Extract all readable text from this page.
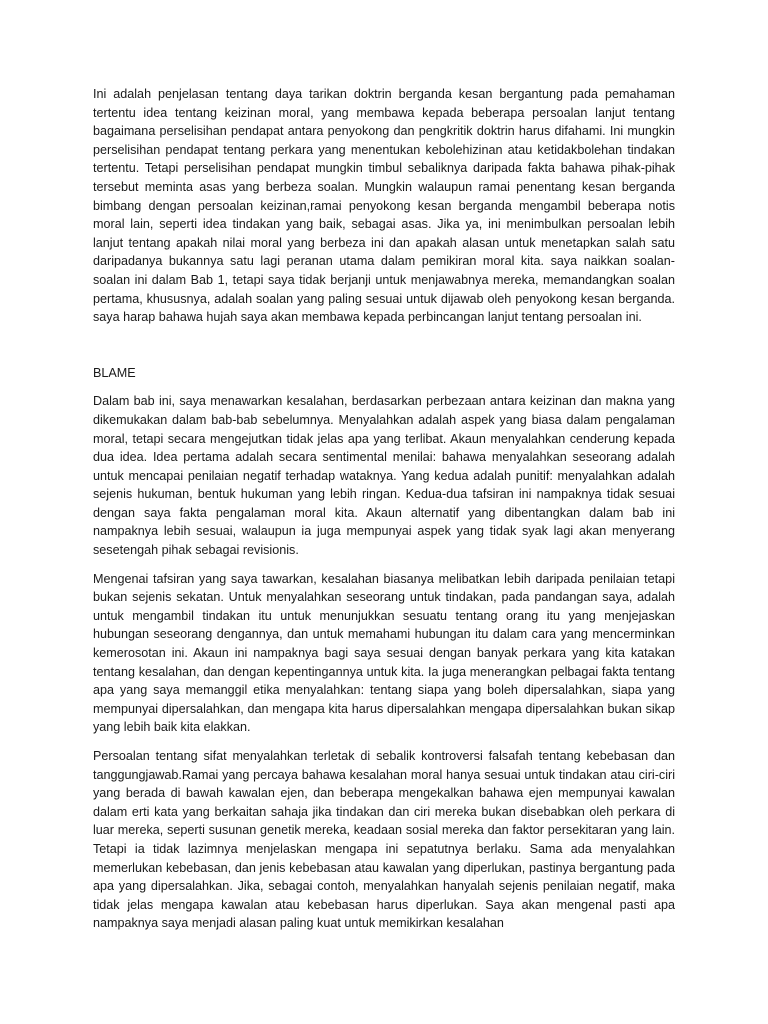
Ini adalah penjelasan tentang daya tarikan doktrin berganda kesan bergantung pada pemahaman tertentu idea tentang keizinan moral, yang membawa kepada beberapa persoalan lanjut tentang bagaimana perselisihan pendapat antara penyokong dan pengkritik doktrin harus difahami. Ini mungkin perselisihan pendapat tentang perkara yang menentukan kebolehizinan atau ketidakbolehan tindakan tertentu. Tetapi perselisihan pendapat mungkin timbul sebaliknya daripada fakta bahawa pihak-pihak tersebut meminta asas yang berbeza soalan. Mungkin walaupun ramai penentang kesan berganda bimbang dengan persoalan keizinan,ramai penyokong kesan berganda mengambil beberapa notis moral lain, seperti idea tindakan yang baik, sebagai asas. Jika ya, ini menimbulkan persoalan lebih lanjut tentang apakah nilai moral yang berbeza ini dan apakah alasan untuk menetapkan salah satu daripadanya bukannya satu lagi peranan utama dalam pemikiran moral kita. saya naikkan soalan-soalan ini dalam Bab 1, tetapi saya tidak berjanji untuk menjawabnya mereka, memandangkan soalan pertama, khususnya, adalah soalan yang paling sesuai untuk dijawab oleh penyokong kesan berganda. saya harap bahawa hujah saya akan membawa kepada perbincangan lanjut tentang persoalan ini.

BLAME

Dalam bab ini, saya menawarkan kesalahan, berdasarkan perbezaan antara keizinan dan makna yang dikemukakan dalam bab-bab sebelumnya. Menyalahkan adalah aspek yang biasa dalam pengalaman moral, tetapi secara mengejutkan tidak jelas apa yang terlibat. Akaun menyalahkan cenderung kepada dua idea. Idea pertama adalah secara sentimental menilai: bahawa menyalahkan seseorang adalah untuk mencapai penilaian negatif terhadap wataknya. Yang kedua adalah punitif: menyalahkan adalah sejenis hukuman, bentuk hukuman yang lebih ringan. Kedua-dua tafsiran ini nampaknya tidak sesuai dengan saya fakta pengalaman moral kita. Akaun alternatif yang dibentangkan dalam bab ini nampaknya lebih sesuai, walaupun ia juga mempunyai aspek yang tidak syak lagi akan menyerang sesetengah pihak sebagai revisionis.

Mengenai tafsiran yang saya tawarkan, kesalahan biasanya melibatkan lebih daripada penilaian tetapi bukan sejenis sekatan. Untuk menyalahkan seseorang untuk tindakan, pada pandangan saya, adalah untuk mengambil tindakan itu untuk menunjukkan sesuatu tentang orang itu yang menjejaskan hubungan seseorang dengannya, dan untuk memahami hubungan itu dalam cara yang mencerminkan kemerosotan ini. Akaun ini nampaknya bagi saya sesuai dengan banyak perkara yang kita katakan tentang kesalahan, dan dengan kepentingannya untuk kita. Ia juga menerangkan pelbagai fakta tentang apa yang saya memanggil etika menyalahkan: tentang siapa yang boleh dipersalahkan, siapa yang mempunyai dipersalahkan, dan mengapa kita harus dipersalahkan mengapa dipersalahkan bukan sikap yang lebih baik kita elakkan.

Persoalan tentang sifat menyalahkan terletak di sebalik kontroversi falsafah tentang kebebasan dan tanggungjawab.Ramai yang percaya bahawa kesalahan moral hanya sesuai untuk tindakan atau ciri-ciri yang berada di bawah kawalan ejen, dan beberapa mengekalkan bahawa ejen mempunyai kawalan dalam erti kata yang berkaitan sahaja jika tindakan dan ciri mereka bukan disebabkan oleh perkara di luar mereka, seperti susunan genetik mereka, keadaan sosial mereka dan faktor persekitaran yang lain. Tetapi ia tidak lazimnya menjelaskan mengapa ini sepatutnya berlaku. Sama ada menyalahkan memerlukan kebebasan, dan jenis kebebasan atau kawalan yang diperlukan, pastinya bergantung pada apa yang dipersalahkan. Jika, sebagai contoh, menyalahkan hanyalah sejenis penilaian negatif, maka tidak jelas mengapa kawalan atau kebebasan harus diperlukan. Saya akan mengenal pasti apa nampaknya saya menjadi alasan paling kuat untuk memikirkan kesalahan
